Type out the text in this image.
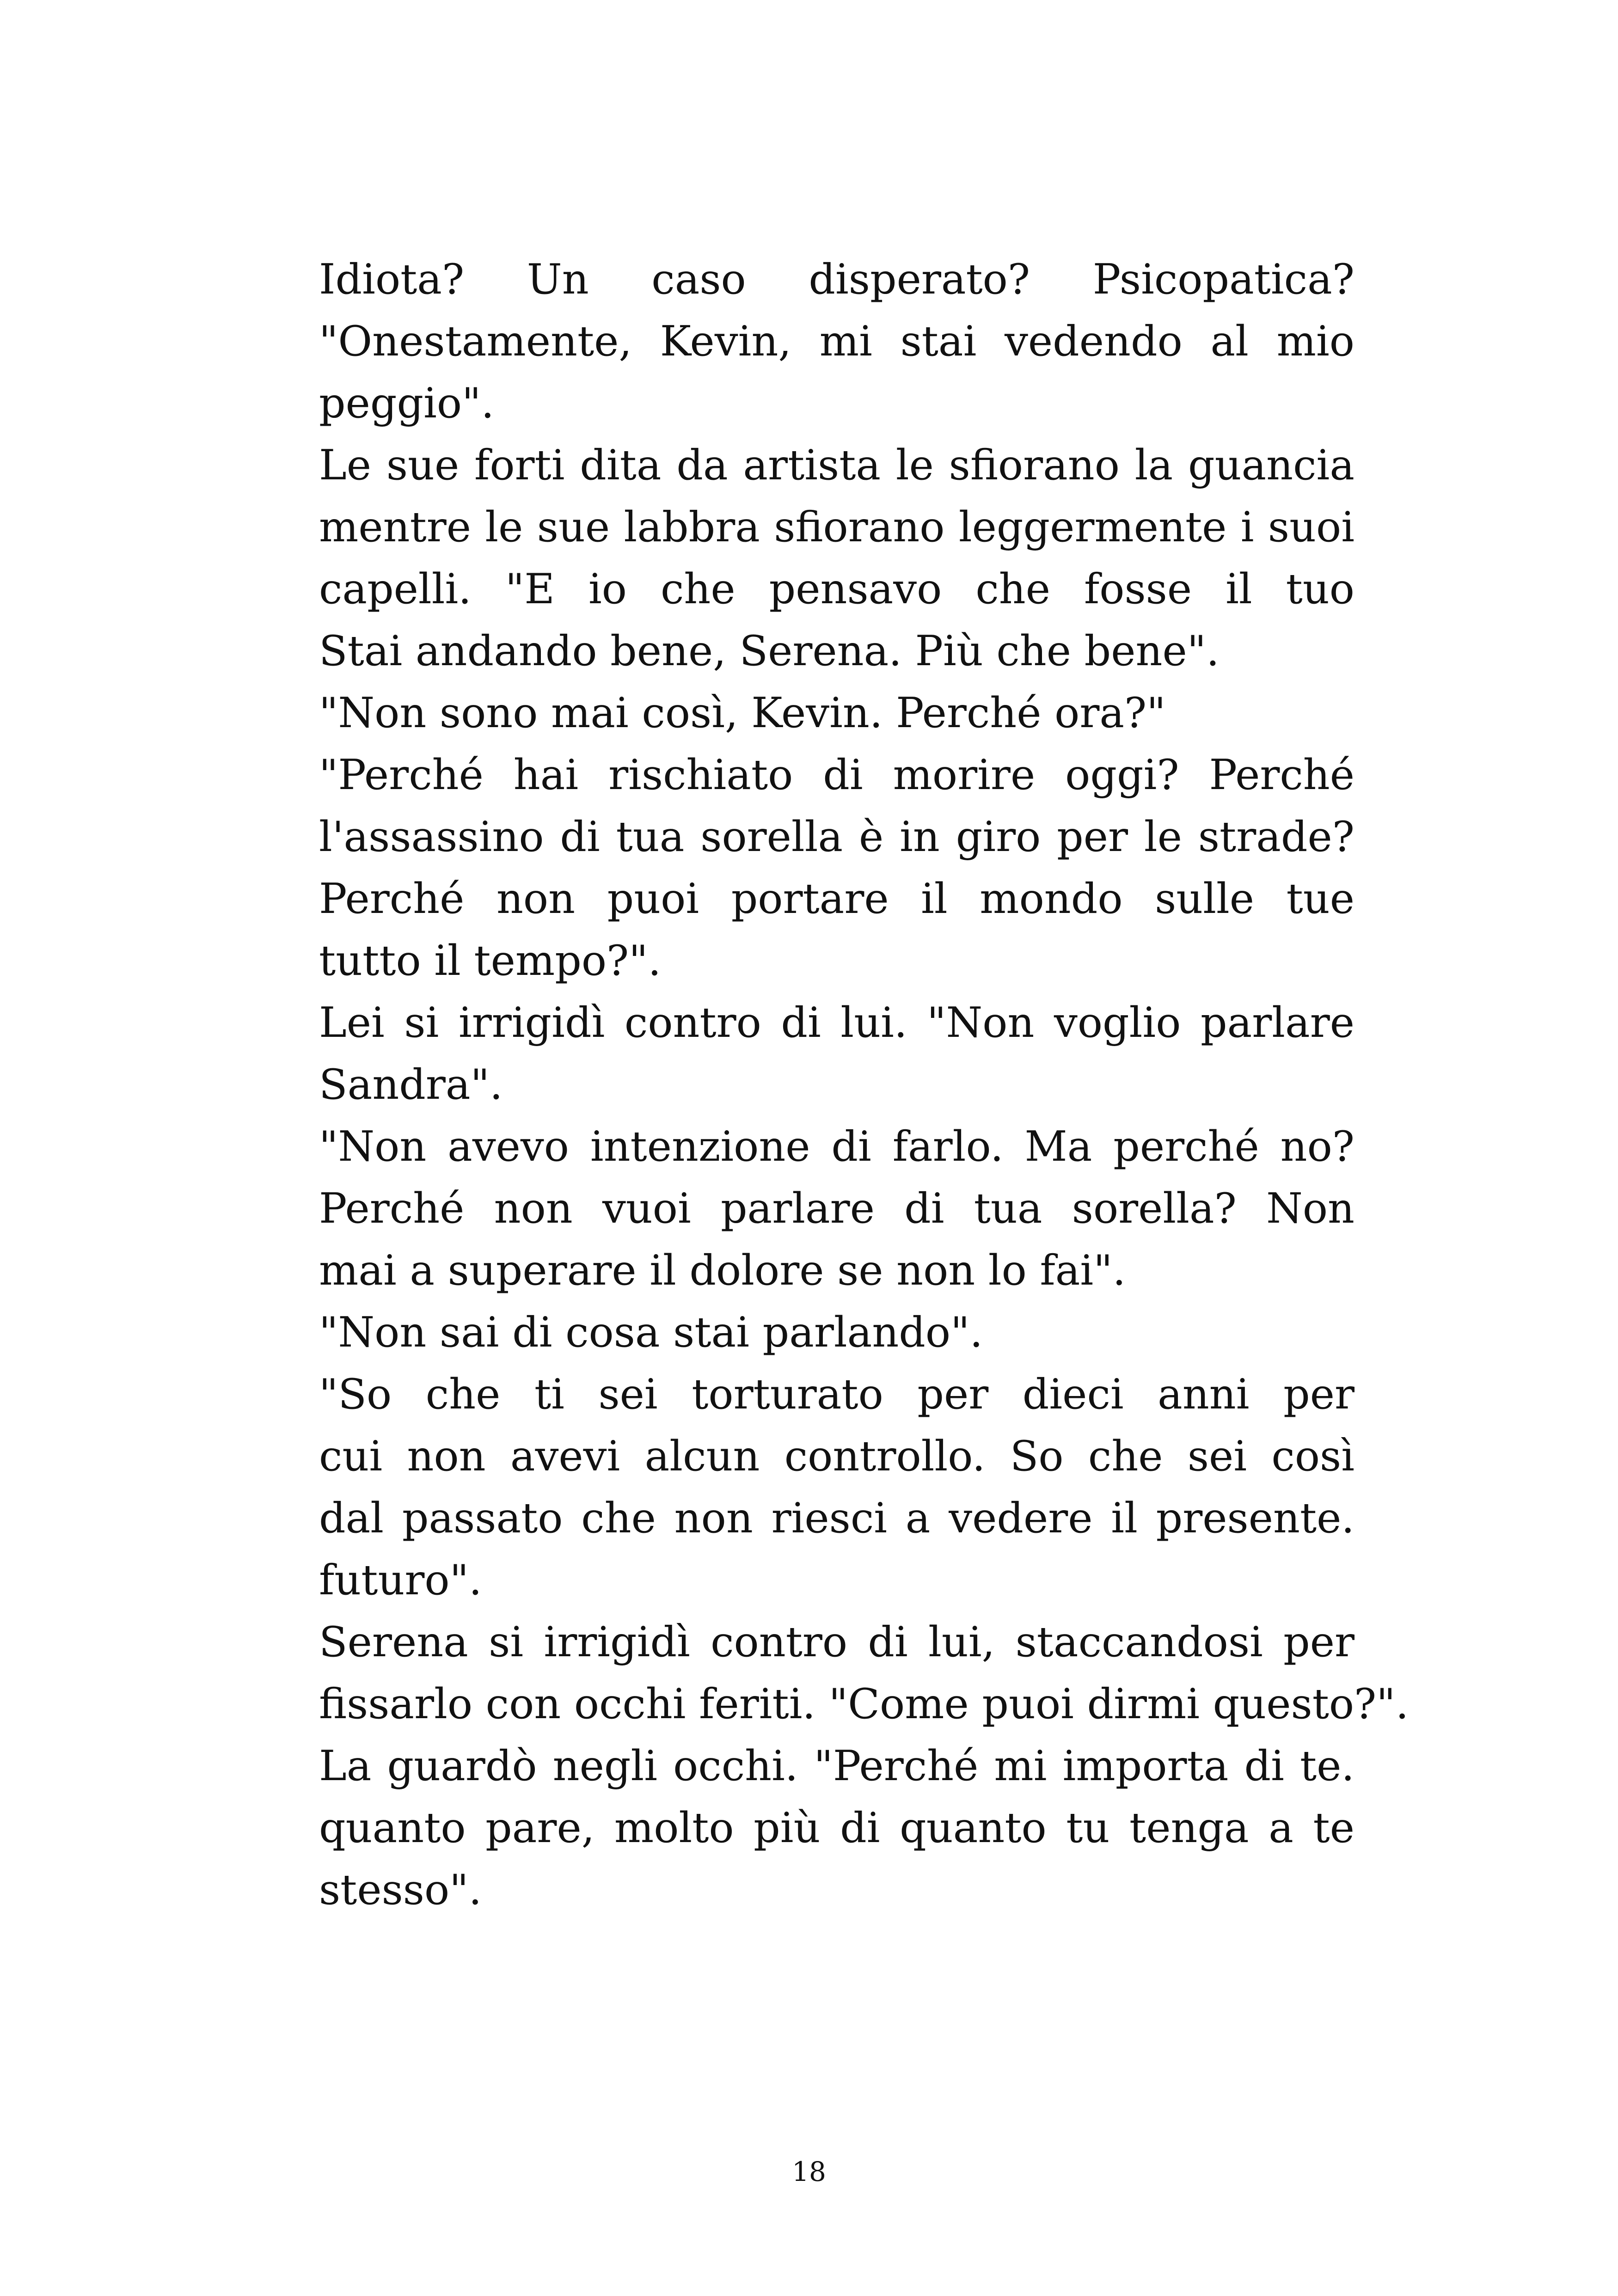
Idiota? Un caso disperato? Psicopatica?
"Onestamente, Kevin, mi stai vedendo al mio
peggio".
Le sue forti dita da artista le sfiorano la guancia
mentre le sue labbra sfiorano leggermente i suoi
capelli. "E io che pensavo che fosse il tuo
Stai andando bene, Serena. Più che bene".
"Non sono mai così, Kevin. Perché ora?"
"Perché hai rischiato di morire oggi? Perché
l'assassino di tua sorella è in giro per le strade?
Perché non puoi portare il mondo sulle tue
tutto il tempo?".
Lei si irrigidì contro di lui. "Non voglio parlare
Sandra".
"Non avevo intenzione di farlo. Ma perché no?
Perché non vuoi parlare di tua sorella? Non
mai a superare il dolore se non lo fai".
"Non sai di cosa stai parlando".
"So che ti sei torturato per dieci anni per
cui non avevi alcun controllo. So che sei così
dal passato che non riesci a vedere il presente.
futuro".
Serena si irrigidì contro di lui, staccandosi per
fissarlo con occhi feriti. "Come puoi dirmi questo?".
La guardò negli occhi. "Perché mi importa di te.
quanto pare, molto più di quanto tu tenga a te
stesso".
18
